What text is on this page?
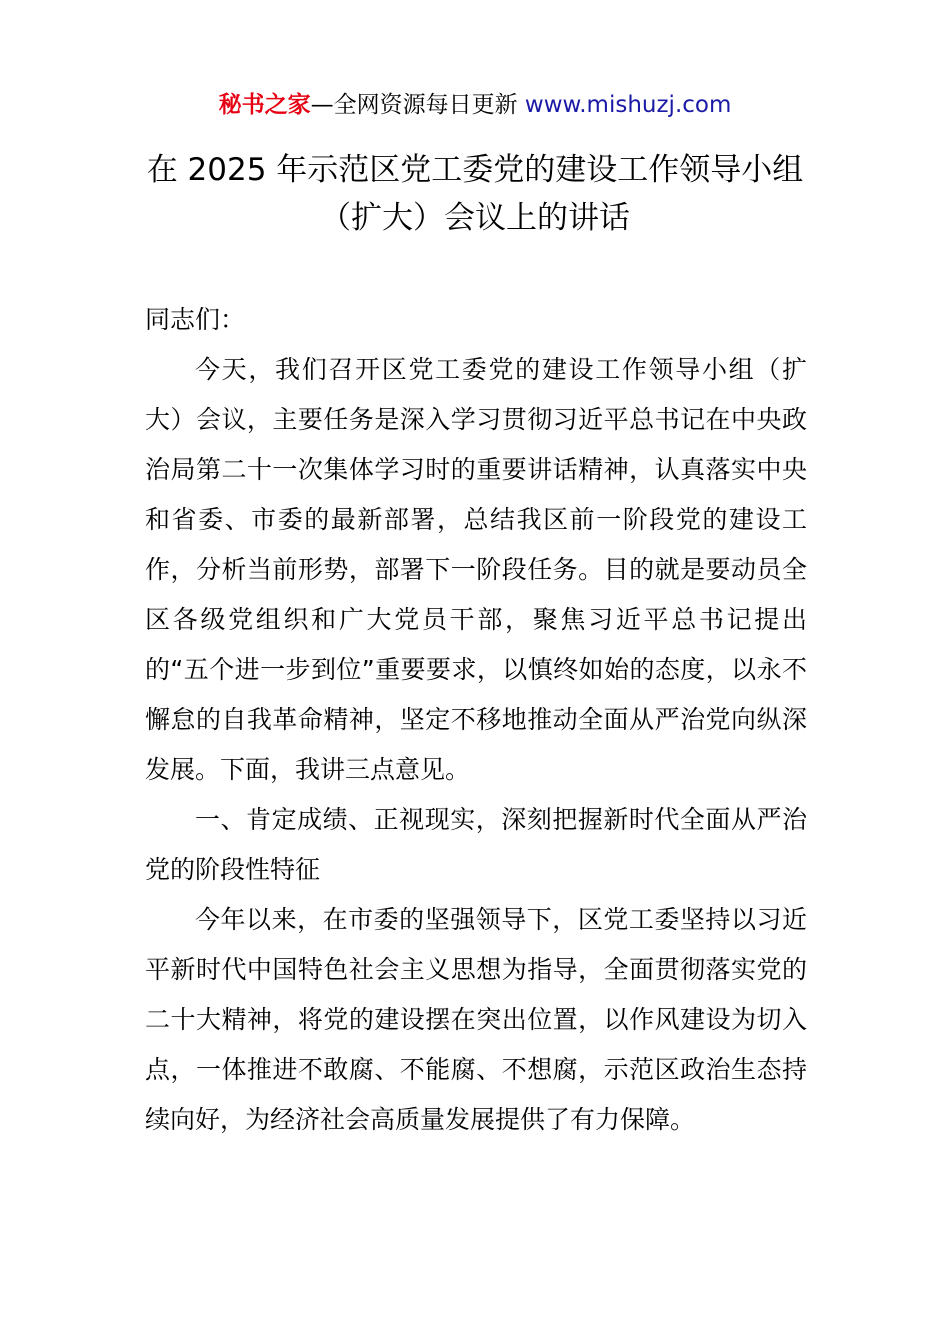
秘书之家—全网资源每日更新 www.mishuzj.com
在 2025 年示范区党工委党的建设工作领导小组
（扩大）会议上的讲话

同志们：

今天，我们召开区党工委党的建设工作领导小组（扩大）会议，主要任务是深入学习贯彻习近平总书记在中央政治局第二十一次集体学习时的重要讲话精神，认真落实中央和省委、市委的最新部署，总结我区前一阶段党的建设工作，分析当前形势，部署下一阶段任务。目的就是要动员全区各级党组织和广大党员干部，聚焦习近平总书记提出的“五个进一步到位”重要要求，以慎终如始的态度，以永不懈怠的自我革命精神，坚定不移地推动全面从严治党向纵深发展。下面，我讲三点意见。

一、肯定成绩、正视现实，深刻把握新时代全面从严治党的阶段性特征

今年以来，在市委的坚强领导下，区党工委坚持以习近平新时代中国特色社会主义思想为指导，全面贯彻落实党的二十大精神，将党的建设摆在突出位置，以作风建设为切入点，一体推进不敢腐、不能腐、不想腐，示范区政治生态持续向好，为经济社会高质量发展提供了有力保障。
